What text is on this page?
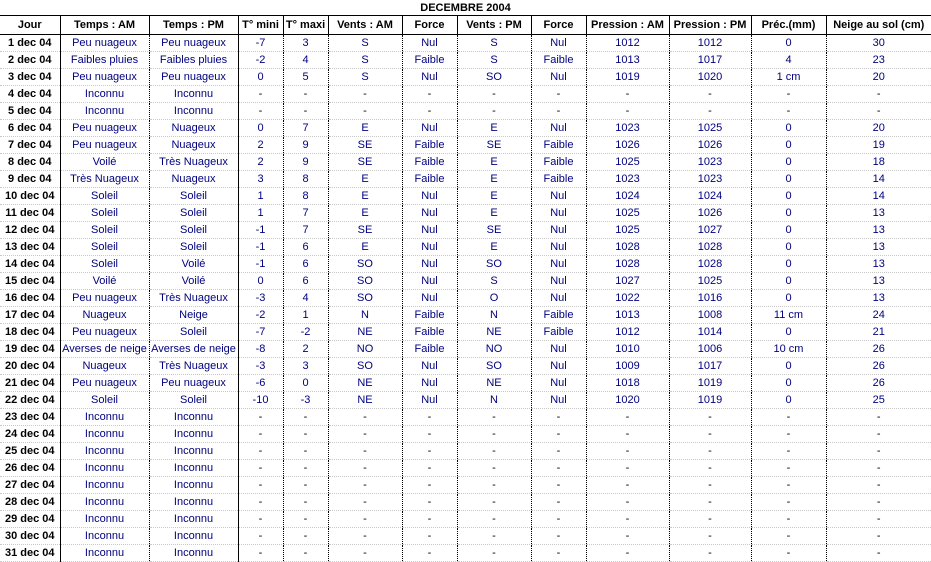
DECEMBRE 2004
Jour	Temps : AM	Temps : PM	T° mini	T° maxi	Vents : AM	Force	Vents : PM	Force	Pression : AM	Pression : PM	Préc.(mm)	Neige au sol (cm)
1 dec 04	Peu nuageux	Peu nuageux	-7	3	S	Nul	S	Nul	1012	1012	0	30
2 dec 04	Faibles pluies	Faibles pluies	-2	4	S	Faible	S	Faible	1013	1017	4	23
3 dec 04	Peu nuageux	Peu nuageux	0	5	S	Nul	SO	Nul	1019	1020	1 cm	20
4 dec 04	Inconnu	Inconnu	-	-	-	-	-	-	-	-	-	-
5 dec 04	Inconnu	Inconnu	-	-	-	-	-	-	-	-	-	-
6 dec 04	Peu nuageux	Nuageux	0	7	E	Nul	E	Nul	1023	1025	0	20
7 dec 04	Peu nuageux	Nuageux	2	9	SE	Faible	SE	Faible	1026	1026	0	19
8 dec 04	Voilé	Très Nuageux	2	9	SE	Faible	E	Faible	1025	1023	0	18
9 dec 04	Très Nuageux	Nuageux	3	8	E	Faible	E	Faible	1023	1023	0	14
10 dec 04	Soleil	Soleil	1	8	E	Nul	E	Nul	1024	1024	0	14
11 dec 04	Soleil	Soleil	1	7	E	Nul	E	Nul	1025	1026	0	13
12 dec 04	Soleil	Soleil	-1	7	SE	Nul	SE	Nul	1025	1027	0	13
13 dec 04	Soleil	Soleil	-1	6	E	Nul	E	Nul	1028	1028	0	13
14 dec 04	Soleil	Voilé	-1	6	SO	Nul	SO	Nul	1028	1028	0	13
15 dec 04	Voilé	Voilé	0	6	SO	Nul	S	Nul	1027	1025	0	13
16 dec 04	Peu nuageux	Très Nuageux	-3	4	SO	Nul	O	Nul	1022	1016	0	13
17 dec 04	Nuageux	Neige	-2	1	N	Faible	N	Faible	1013	1008	11 cm	24
18 dec 04	Peu nuageux	Soleil	-7	-2	NE	Faible	NE	Faible	1012	1014	0	21
19 dec 04	Averses de neige	Averses de neige	-8	2	NO	Faible	NO	Nul	1010	1006	10 cm	26
20 dec 04	Nuageux	Très Nuageux	-3	3	SO	Nul	SO	Nul	1009	1017	0	26
21 dec 04	Peu nuageux	Peu nuageux	-6	0	NE	Nul	NE	Nul	1018	1019	0	26
22 dec 04	Soleil	Soleil	-10	-3	NE	Nul	N	Nul	1020	1019	0	25
23 dec 04	Inconnu	Inconnu	-	-	-	-	-	-	-	-	-	-
24 dec 04	Inconnu	Inconnu	-	-	-	-	-	-	-	-	-	-
25 dec 04	Inconnu	Inconnu	-	-	-	-	-	-	-	-	-	-
26 dec 04	Inconnu	Inconnu	-	-	-	-	-	-	-	-	-	-
27 dec 04	Inconnu	Inconnu	-	-	-	-	-	-	-	-	-	-
28 dec 04	Inconnu	Inconnu	-	-	-	-	-	-	-	-	-	-
29 dec 04	Inconnu	Inconnu	-	-	-	-	-	-	-	-	-	-
30 dec 04	Inconnu	Inconnu	-	-	-	-	-	-	-	-	-	-
31 dec 04	Inconnu	Inconnu	-	-	-	-	-	-	-	-	-	-
